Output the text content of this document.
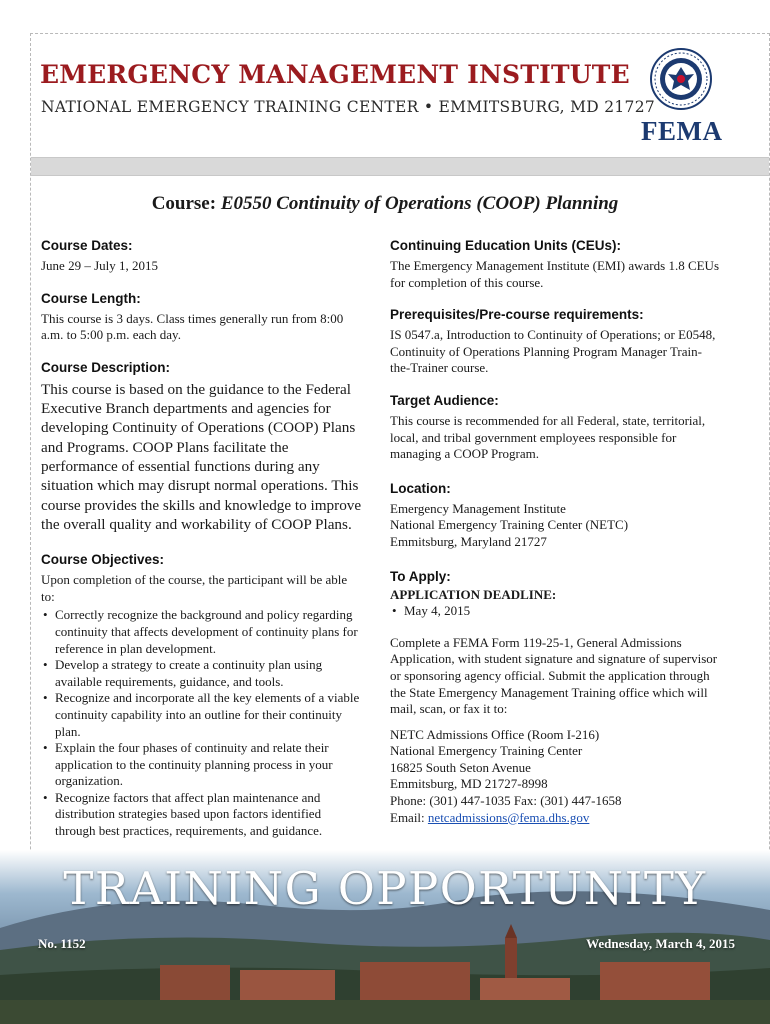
EMERGENCY MANAGEMENT INSTITUTE
NATIONAL EMERGENCY TRAINING CENTER • EMMITSBURG, MD 21727
FEMA
Course: E0550 Continuity of Operations (COOP) Planning
Course Dates:

June 29 – July 1, 2015

Course Length:

This course is 3 days. Class times generally run from 8:00 a.m. to 5:00 p.m. each day.

Course Description:

This course is based on the guidance to the Federal Executive Branch departments and agencies for developing Continuity of Operations (COOP) Plans and Programs. COOP Plans facilitate the performance of essential functions during any situation which may disrupt normal operations. This course provides the skills and knowledge to improve the overall quality and workability of COOP Plans.

Course Objectives:

Upon completion of the course, the participant will be able to:

• Correctly recognize the background and policy regarding continuity that affects development of continuity plans for reference in plan development.
• Develop a strategy to create a continuity plan using available requirements, guidance, and tools.
• Recognize and incorporate all the key elements of a viable continuity capability into an outline for their continuity plan.
• Explain the four phases of continuity and relate their application to the continuity planning process in your organization.
• Recognize factors that affect plan maintenance and distribution strategies based upon factors identified through best practices, requirements, and guidance.
Continuing Education Units (CEUs):

The Emergency Management Institute (EMI) awards 1.8 CEUs for completion of this course.

Prerequisites/Pre-course requirements:

IS 0547.a, Introduction to Continuity of Operations; or E0548, Continuity of Operations Planning Program Manager Train-the-Trainer course.

Target Audience:

This course is recommended for all Federal, state, territorial, local, and tribal government employees responsible for managing a COOP Program.

Location:

Emergency Management Institute

National Emergency Training Center (NETC)

Emmitsburg, Maryland 21727

To Apply:
APPLICATION DEADLINE:
• May 4, 2015

Complete a FEMA Form 119-25-1, General Admissions Application, with student signature and signature of supervisor or sponsoring agency official. Submit the application through the State Emergency Management Training office which will mail, scan, or fax it to:

NETC Admissions Office (Room I-216)

National Emergency Training Center

16825 South Seton Avenue

Emmitsburg, MD 21727-8998

Phone: (301) 447-1035 Fax: (301) 447-1658

Email: netcadmissions@fema.dhs.gov

TRAINING OPPORTUNITY
No. 1152	Wednesday, March 4, 2015
